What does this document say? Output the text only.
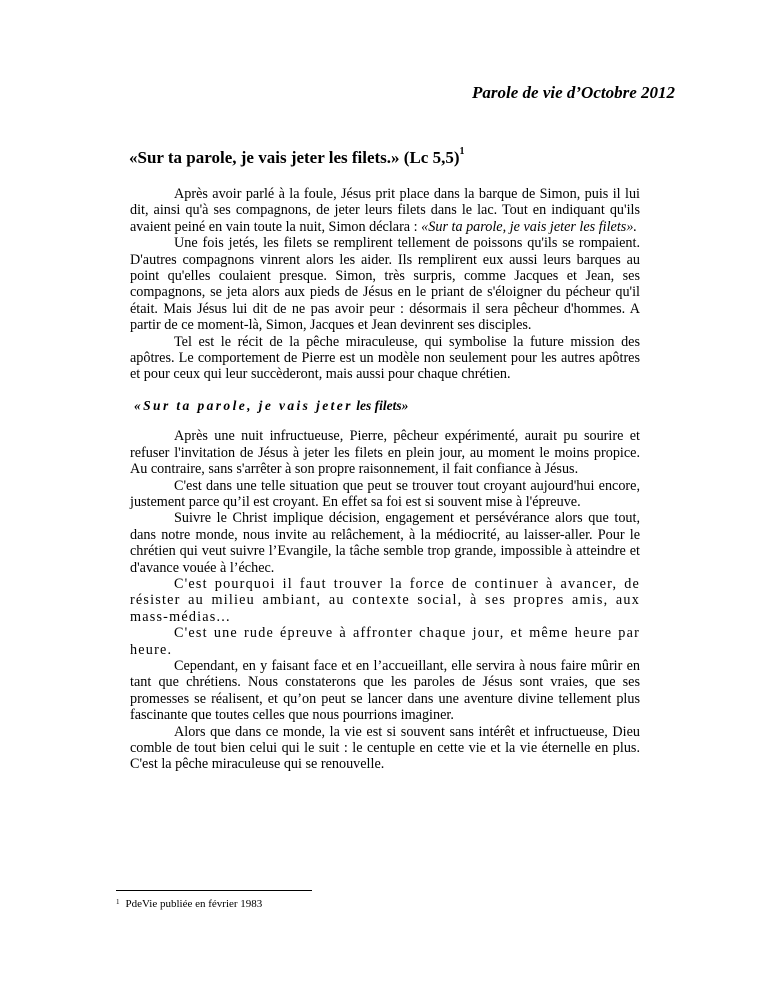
Parole de vie d’Octobre 2012
«Sur ta parole, je vais jeter les filets.» (Lc 5,5)$^1$

Après avoir parlé à la foule, Jésus prit place dans la barque de Simon, puis il lui dit, ainsi qu'à ses compagnons, de jeter leurs filets dans le lac. Tout en indiquant qu'ils avaient peiné en vain toute la nuit, Simon déclara : «Sur ta parole, je vais jeter les filets».

Une fois jetés, les filets se remplirent tellement de poissons qu'ils se rompaient. D'autres compagnons vinrent alors les aider. Ils remplirent eux aussi leurs barques au point qu'elles coulaient presque. Simon, très surpris, comme Jacques et Jean, ses compagnons, se jeta alors aux pieds de Jésus en le priant de s'éloigner du pécheur qu'il était. Mais Jésus lui dit de ne pas avoir peur : désormais il sera pêcheur d'hommes. A partir de ce moment-là, Simon, Jacques et Jean devinrent ses disciples.

Tel est le récit de la pêche miraculeuse, qui symbolise la future mission des apôtres. Le comportement de Pierre est un modèle non seulement pour les autres apôtres et pour ceux qui leur succèderont, mais aussi pour chaque chrétien.

«Sur ta parole, je vais jeter les filets»

Après une nuit infructueuse, Pierre, pêcheur expérimenté, aurait pu sourire et refuser l'invitation de Jésus à jeter les filets en plein jour, au moment le moins propice. Au contraire, sans s'arrêter à son propre raisonnement, il fait confiance à Jésus.

C'est dans une telle situation que peut se trouver tout croyant aujourd'hui encore, justement parce qu’il est croyant. En effet sa foi est si souvent mise à l'épreuve.

Suivre le Christ implique décision, engagement et persévérance alors que tout, dans notre monde, nous invite au relâchement, à la médiocrité, au laisser-aller. Pour le chrétien qui veut suivre l’Evangile, la tâche semble trop grande, impossible à atteindre et d'avance vouée à l’échec.

C'est pourquoi il faut trouver la force de continuer à avancer, de résister au milieu ambiant, au contexte social, à ses propres amis, aux mass-médias...

C'est une rude épreuve à affronter chaque jour, et même heure par heure.

Cependant, en y faisant face et en l’accueillant, elle servira à nous faire mûrir en tant que chrétiens. Nous constaterons que les paroles de Jésus sont vraies, que ses promesses se réalisent, et qu’on peut se lancer dans une aventure divine tellement plus fascinante que toutes celles que nous pourrions imaginer.

Alors que dans ce monde, la vie est si souvent sans intérêt et infructueuse, Dieu comble de tout bien celui qui le suit : le centuple en cette vie et la vie éternelle en plus. C'est la pêche miraculeuse qui se renouvelle.

$^1$ PdeVie publiée en février 1983
